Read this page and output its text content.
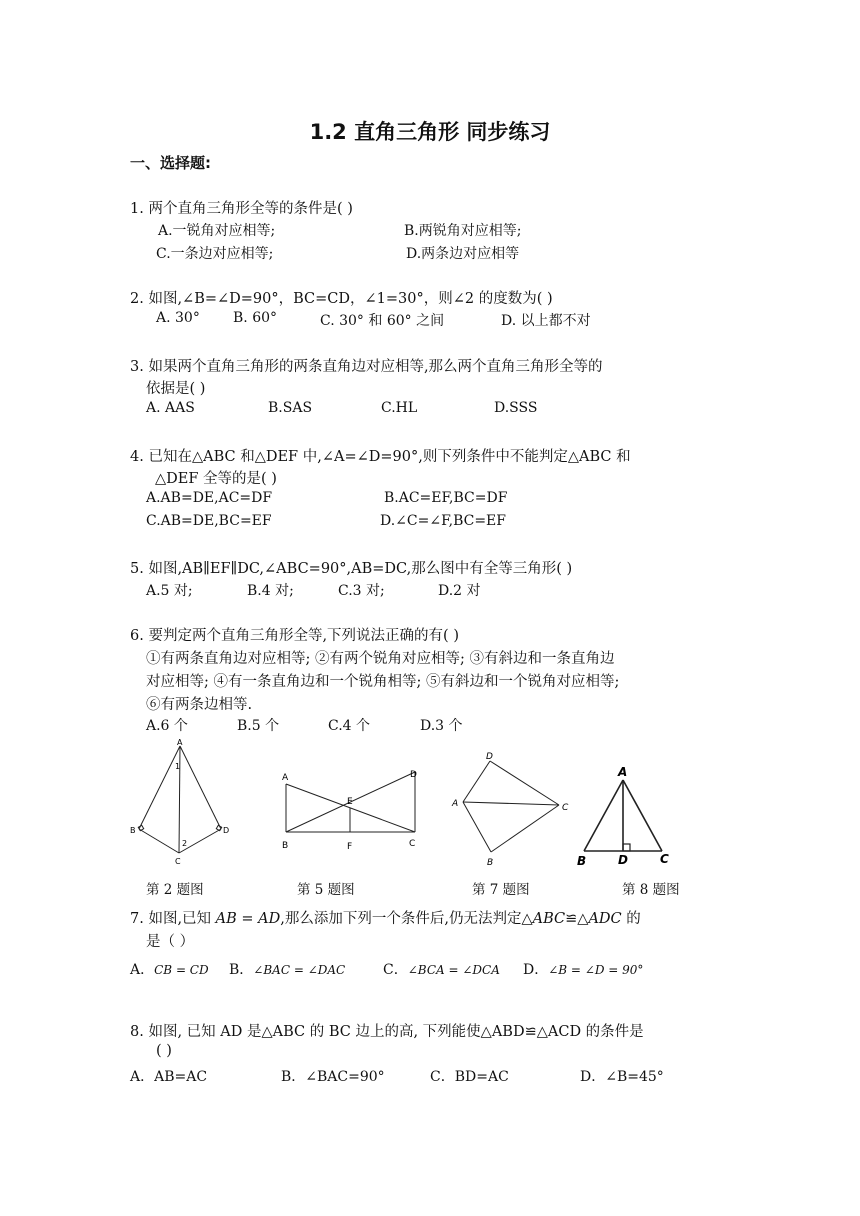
1.2 直角三角形 同步练习
一、选择题:
1. 两个直角三角形全等的条件是( )
A.一锐角对应相等;	B.两锐角对应相等;
C.一条边对应相等;	D.两条边对应相等
2. 如图,∠B=∠D=90°，BC=CD，∠1=30°，则∠2 的度数为( )
A. 30° B. 60°	C. 30° 和 60° 之间	D. 以上都不对
3. 如果两个直角三角形的两条直角边对应相等,那么两个直角三角形全等的
依据是( )
A. AAS	B.SAS	C.HL	D.SSS
4. 已知在△ABC 和△DEF 中,∠A=∠D=90°,则下列条件中不能判定△ABC 和
△DEF 全等的是( )
A.AB=DE,AC=DF	B.AC=EF,BC=DF
C.AB=DE,BC=EF	D.∠C=∠F,BC=EF
5. 如图,AB∥EF∥DC,∠ABC=90°,AB=DC,那么图中有全等三角形( )
A.5 对;	B.4 对;	C.3 对;	D.2 对
6. 要判定两个直角三角形全等,下列说法正确的有( )
①有两条直角边对应相等; ②有两个锐角对应相等; ③有斜边和一条直角边
对应相等; ④有一条直角边和一个锐角相等; ⑤有斜边和一个锐角对应相等;
⑥有两条边相等.
A.6 个	B.5 个	C.4 个	D.3 个
A
B
C
D
1
2
A
B	C
D
E
F
D
A	C
B
A
B	D	C
第 2 题图	第 5 题图	第 7 题图	第 8 题图
7. 如图,已知 AB = AD,那么添加下列一个条件后,仍无法判定△ABC≌△ADC 的
是（ ）
A．CB = CD B．∠BAC = ∠DAC	C．∠BCA = ∠DCA D．∠B = ∠D = 90°
8. 如图, 已知 AD 是△ABC 的 BC 边上的高, 下列能使△ABD≌△ACD 的条件是
( )
A．AB=AC	B．∠BAC=90°	C．BD=AC	D．∠B=45°
